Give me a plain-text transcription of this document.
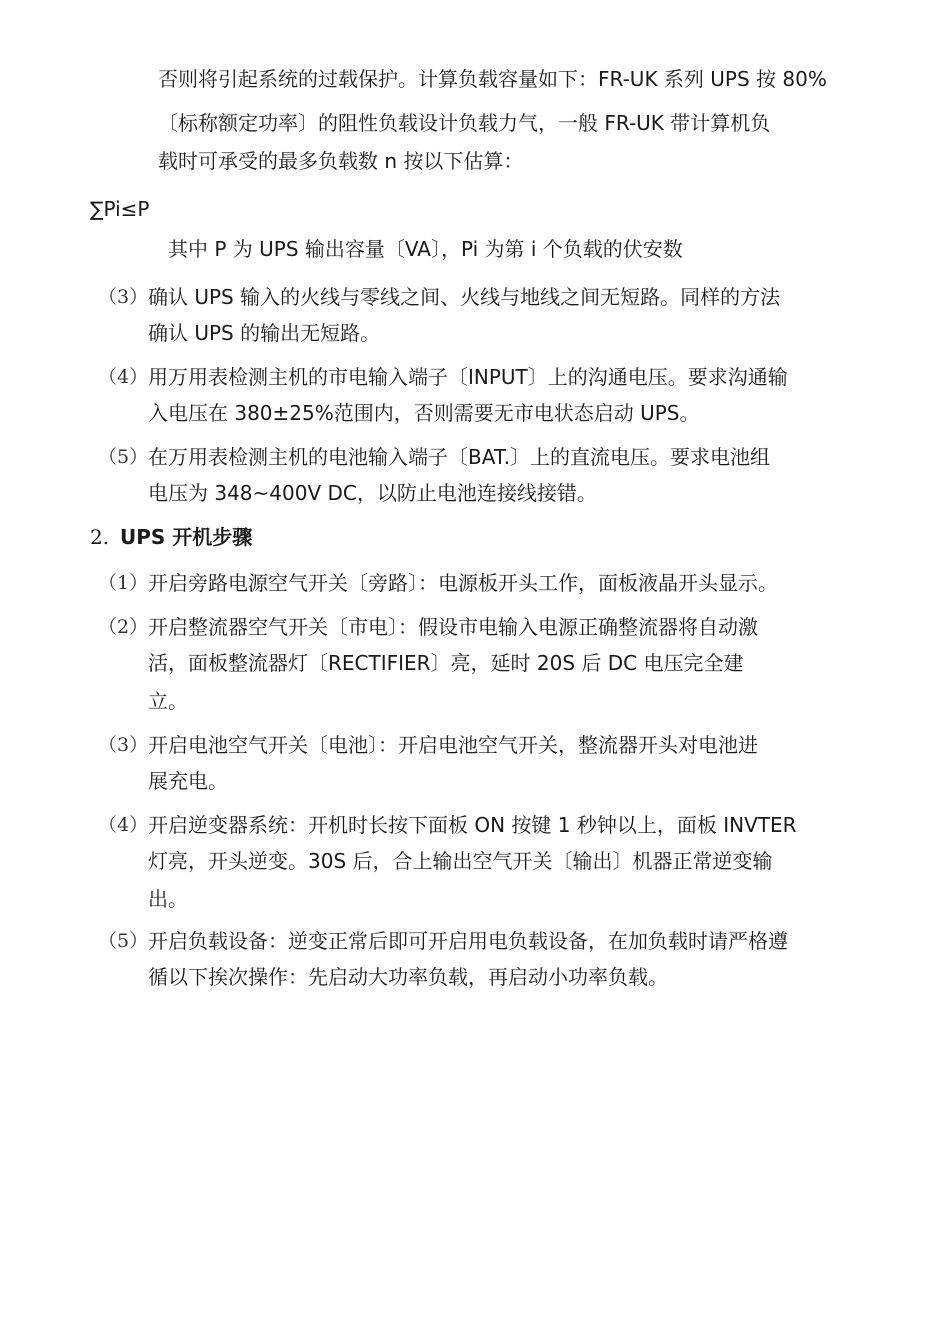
否则将引起系统的过载保护。计算负载容量如下：FR-UK 系列 UPS 按 80%
〔标称额定功率〕的阻性负载设计负载力气，一般 FR-UK 带计算机负
载时可承受的最多负载数 n 按以下估算：
∑Pi≤P
其中 P 为 UPS 输出容量〔VA〕，Pi 为第 i 个负载的伏安数
（3） 确认 UPS 输入的火线与零线之间、火线与地线之间无短路。同样的方法
确认 UPS 的输出无短路。
（4） 用万用表检测主机的市电输入端子〔INPUT〕上的沟通电压。要求沟通输
入电压在 380±25%范围内，否则需要无市电状态启动 UPS。
（5） 在万用表检测主机的电池输入端子〔BAT.〕上的直流电压。要求电池组
电压为 348~400V DC，以防止电池连接线接错。
2. UPS 开机步骤
（1） 开启旁路电源空气开关〔旁路〕：电源板开头工作，面板液晶开头显示。
（2） 开启整流器空气开关〔市电〕：假设市电输入电源正确整流器将自动激
活，面板整流器灯〔RECTIFIER〕亮，延时 20S 后 DC 电压完全建
立。
（3） 开启电池空气开关〔电池〕：开启电池空气开关，整流器开头对电池进
展充电。
（4） 开启逆变器系统：开机时长按下面板 ON 按键 1 秒钟以上，面板 INVTER
灯亮，开头逆变。30S 后，合上输出空气开关〔输出〕机器正常逆变输
出。
（5） 开启负载设备：逆变正常后即可开启用电负载设备，在加负载时请严格遵
循以下挨次操作：先启动大功率负载，再启动小功率负载。
